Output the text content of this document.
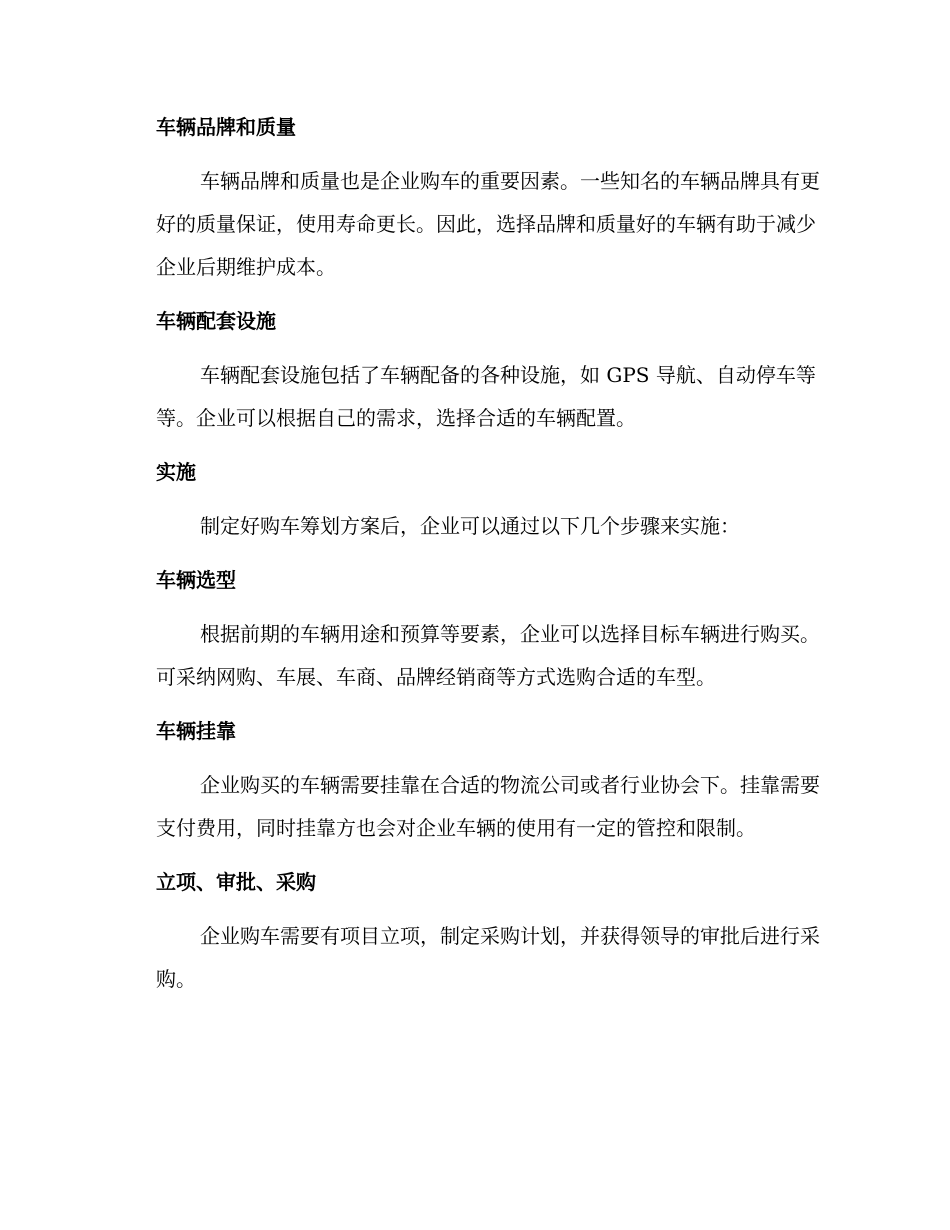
车辆品牌和质量
车辆品牌和质量也是企业购车的重要因素。一些知名的车辆品牌具有更
好的质量保证，使用寿命更长。因此，选择品牌和质量好的车辆有助于减少
企业后期维护成本。
车辆配套设施
车辆配套设施包括了车辆配备的各种设施，如 GPS 导航、自动停车等
等。企业可以根据自己的需求，选择合适的车辆配置。
实施
制定好购车筹划方案后，企业可以通过以下几个步骤来实施：
车辆选型
根据前期的车辆用途和预算等要素，企业可以选择目标车辆进行购买。
可采纳网购、车展、车商、品牌经销商等方式选购合适的车型。
车辆挂靠
企业购买的车辆需要挂靠在合适的物流公司或者行业协会下。挂靠需要
支付费用，同时挂靠方也会对企业车辆的使用有一定的管控和限制。
立项、审批、采购
企业购车需要有项目立项，制定采购计划，并获得领导的审批后进行采
购。
